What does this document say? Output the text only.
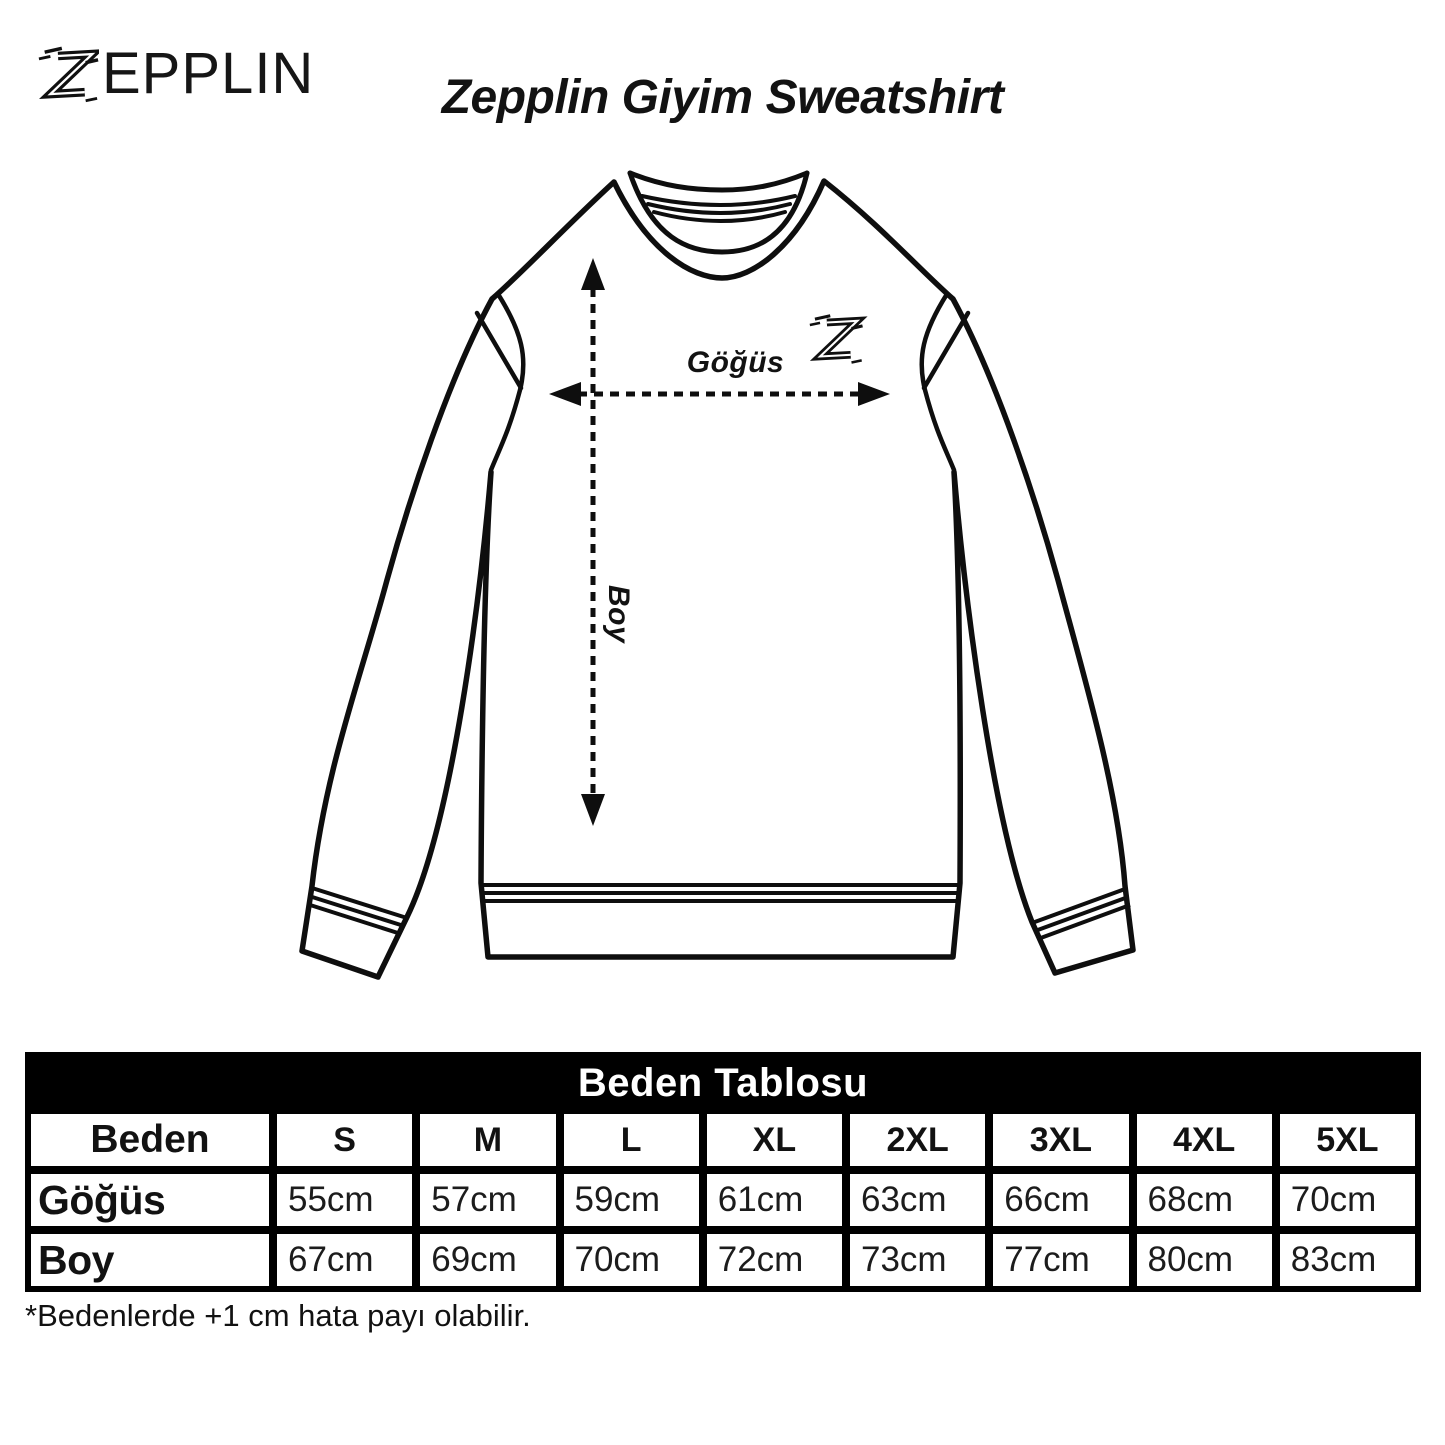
Göğüs
EPPLIN	Zepplin Giyim Sweatshirt
Beden Tablosu
Beden	S	M	L	XL	2XL	3XL	4XL	5XL
Göğüs	55cm	57cm	59cm	61cm	63cm	66cm	68cm	70cm
Boy	67cm	69cm	70cm	72cm	73cm	77cm	80cm	83cm

*Bedenlerde +1 cm hata payı olabilir.
